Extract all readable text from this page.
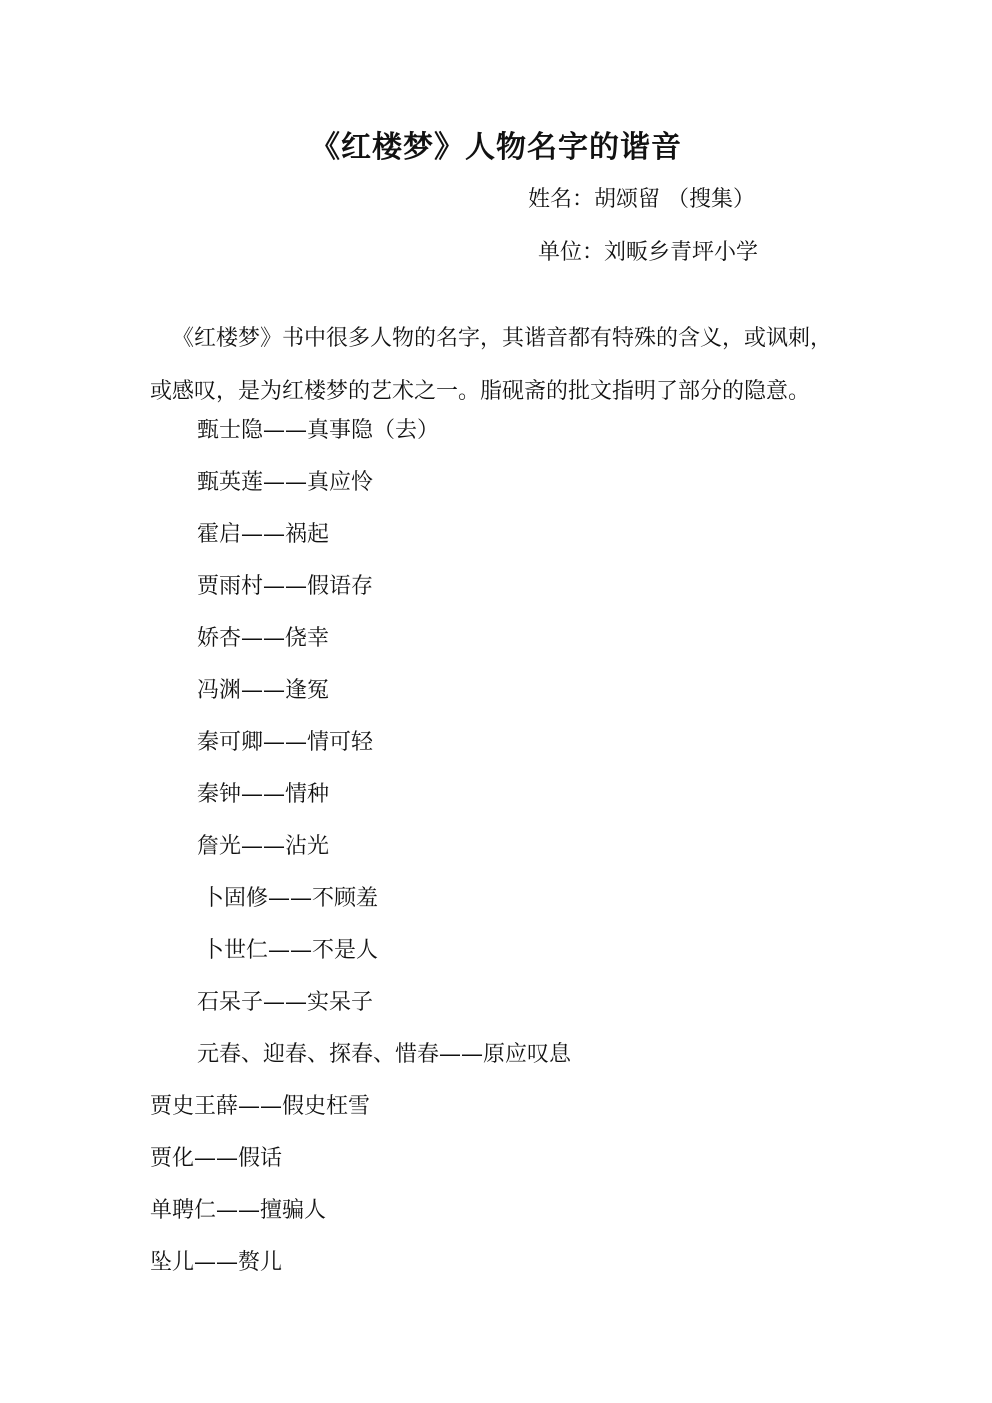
《红楼梦》人物名字的谐音
姓名：胡颂留 （搜集）
单位：刘畈乡青坪小学
《红楼梦》书中很多人物的名字，其谐音都有特殊的含义，或讽刺，
或感叹，是为红楼梦的艺术之一。脂砚斋的批文指明了部分的隐意。
甄士隐——真事隐（去）
甄英莲——真应怜
霍启——祸起
贾雨村——假语存
娇杏——侥幸
冯渊——逢冤
秦可卿——情可轻
秦钟——情种
詹光——沾光
卜固修——不顾羞
卜世仁——不是人
石呆子——实呆子
元春、迎春、探春、惜春——原应叹息
贾史王薛——假史枉雪
贾化——假话
单聘仁——擅骗人
坠儿——赘儿
